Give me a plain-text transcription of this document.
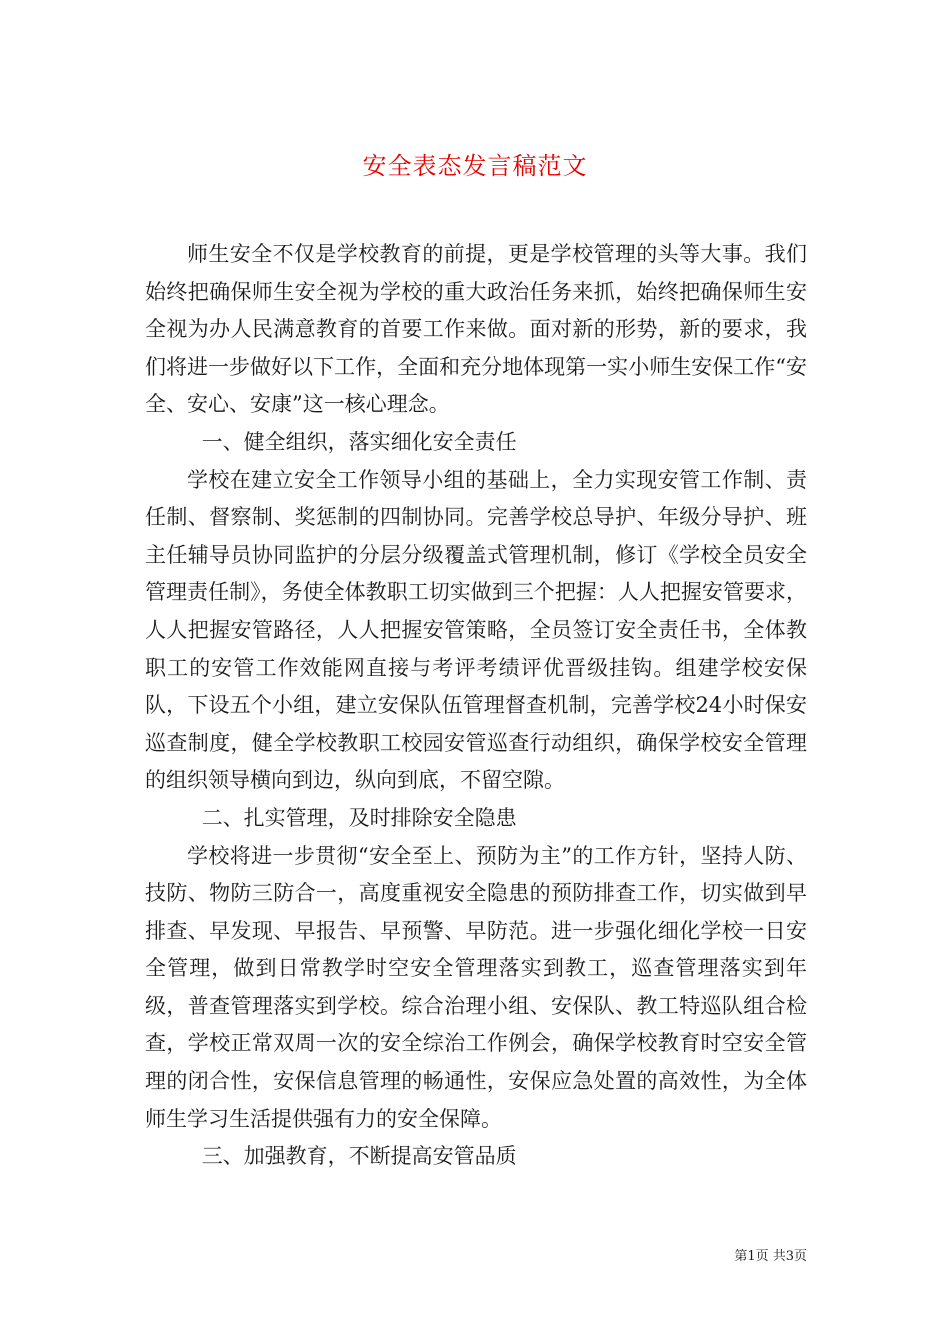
安全表态发言稿范文

师生安全不仅是学校教育的前提，更是学校管理的头等大事。我们始终把确保师生安全视为学校的重大政治任务来抓，始终把确保师生安全视为办人民满意教育的首要工作来做。面对新的形势，新的要求，我们将进一步做好以下工作，全面和充分地体现第一实小师生安保工作“安全、安心、安康”这一核心理念。

一、健全组织，落实细化安全责任

学校在建立安全工作领导小组的基础上，全力实现安管工作制、责任制、督察制、奖惩制的四制协同。完善学校总导护、年级分导护、班主任辅导员协同监护的分层分级覆盖式管理机制，修订《学校全员安全管理责任制》，务使全体教职工切实做到三个把握：人人把握安管要求，人人把握安管路径，人人把握安管策略，全员签订安全责任书，全体教职工的安管工作效能网直接与考评考绩评优晋级挂钩。组建学校安保队，下设五个小组，建立安保队伍管理督查机制，完善学校24小时保安巡查制度，健全学校教职工校园安管巡查行动组织，确保学校安全管理的组织领导横向到边，纵向到底，不留空隙。

二、扎实管理，及时排除安全隐患

学校将进一步贯彻“安全至上、预防为主”的工作方针，坚持人防、技防、物防三防合一，高度重视安全隐患的预防排查工作，切实做到早排查、早发现、早报告、早预警、早防范。进一步强化细化学校一日安全管理，做到日常教学时空安全管理落实到教工，巡查管理落实到年级，普查管理落实到学校。综合治理小组、安保队、教工特巡队组合检查，学校正常双周一次的安全综治工作例会，确保学校教育时空安全管理的闭合性，安保信息管理的畅通性，安保应急处置的高效性，为全体师生学习生活提供强有力的安全保障。

三、加强教育，不断提高安管品质

第1页 共3页
